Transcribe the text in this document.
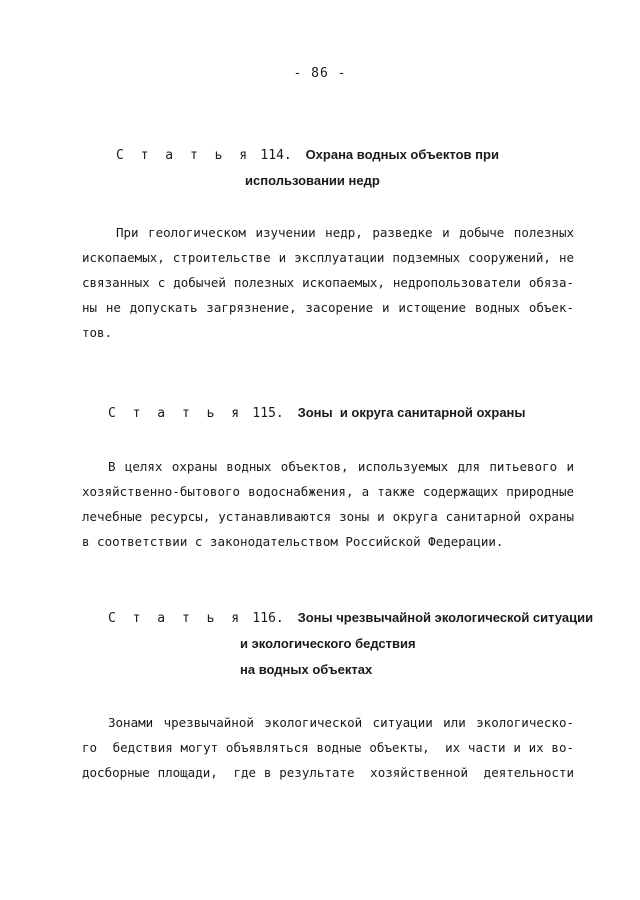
- 86 -
С т а т ь я 114. Охрана водных объектов при
использовании недр
При геологическом изучении недр, разведке и добыче полезных
ископаемых, строительстве и эксплуатации подземных сооружений, не
связанных с добычей полезных ископаемых, недропользователи обяза-
ны не допускать загрязнение, засорение и истощение водных объек-
тов.
С т а т ь я 115. Зоны  и округа санитарной охраны
В целях охраны водных объектов, используемых для питьевого и
хозяйственно-бытового водоснабжения, а также содержащих природные
лечебные ресурсы, устанавливаются зоны и округа санитарной охраны
в соответствии с законодательством Российской Федерации.
С т а т ь я 116. Зоны чрезвычайной экологической ситуации
и экологического бедствия
на водных объектах
Зонами чрезвычайной экологической ситуации или экологическо-
го  бедствия могут объявляться водные объекты,  их части и их во-
досборные площади,  где в результате  хозяйственной  деятельности
